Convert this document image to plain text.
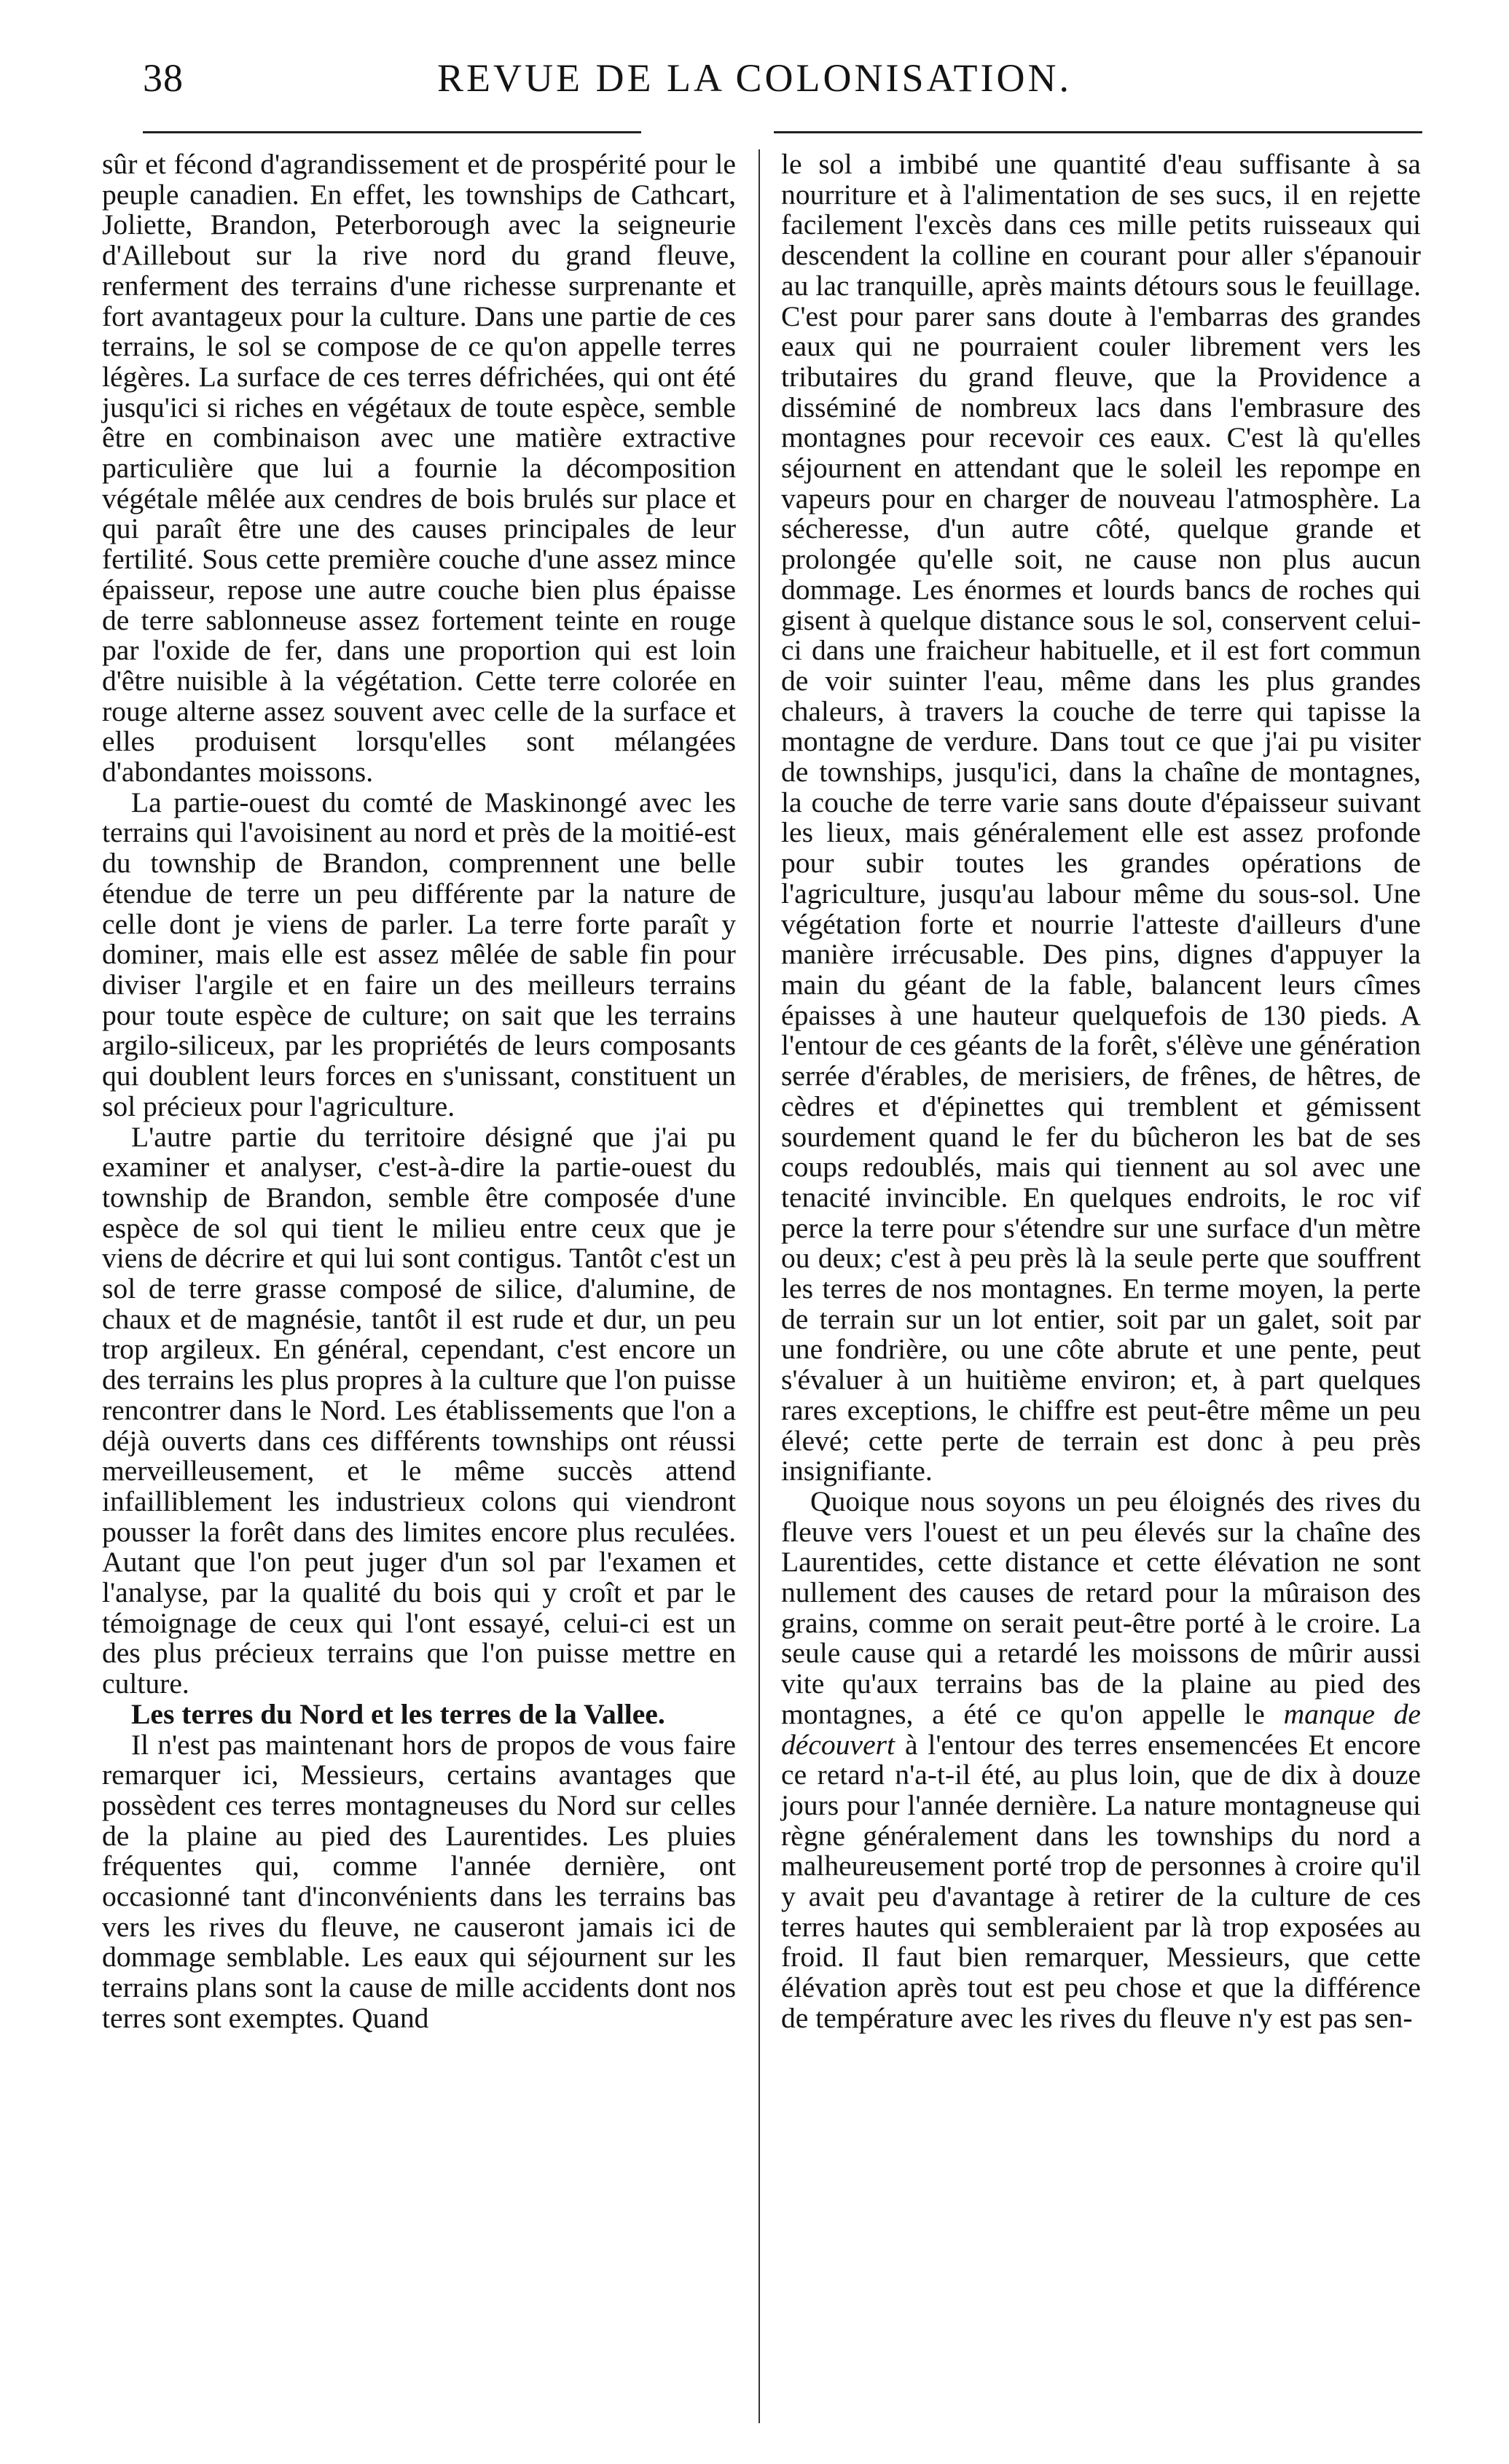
REVUE DE LA COLONISATION.
38

sûr et fécond d'agrandissement et de prospérité pour le peuple canadien. En effet, les townships de Cathcart, Joliette, Brandon, Peterborough avec la seigneurie d'Aillebout sur la rive nord du grand fleuve, renferment des terrains d'une richesse surprenante et fort avantageux pour la culture. Dans une partie de ces terrains, le sol se compose de ce qu'on appelle terres légères. La surface de ces terres défrichées, qui ont été jusqu'ici si riches en végétaux de toute espèce, semble être en combinaison avec une matière extractive particulière que lui a fournie la décomposition végétale mêlée aux cendres de bois brulés sur place et qui paraît être une des causes principales de leur fertilité. Sous cette première couche d'une assez mince épaisseur, repose une autre couche bien plus épaisse de terre sablonneuse assez fortement teinte en rouge par l'oxide de fer, dans une proportion qui est loin d'être nuisible à la végétation. Cette terre colorée en rouge alterne assez souvent avec celle de la surface et elles produisent lorsqu'elles sont mélangées d'abondantes moissons.

La partie-ouest du comté de Maskinongé avec les terrains qui l'avoisinent au nord et près de la moitié-est du township de Brandon, comprennent une belle étendue de terre un peu différente par la nature de celle dont je viens de parler. La terre forte paraît y dominer, mais elle est assez mêlée de sable fin pour diviser l'argile et en faire un des meilleurs terrains pour toute espèce de culture; on sait que les terrains argilo-siliceux, par les propriétés de leurs composants qui doublent leurs forces en s'unissant, constituent un sol précieux pour l'agriculture.

L'autre partie du territoire désigné que j'ai pu examiner et analyser, c'est-à-dire la partie-ouest du township de Brandon, semble être composée d'une espèce de sol qui tient le milieu entre ceux que je viens de décrire et qui lui sont contigus. Tantôt c'est un sol de terre grasse composé de silice, d'alumine, de chaux et de magnésie, tantôt il est rude et dur, un peu trop argileux. En général, cependant, c'est encore un des terrains les plus propres à la culture que l'on puisse rencontrer dans le Nord. Les établissements que l'on a déjà ouverts dans ces différents townships ont réussi merveilleusement, et le même succès attend infailliblement les industrieux colons qui viendront pousser la forêt dans des limites encore plus reculées. Autant que l'on peut juger d'un sol par l'examen et l'analyse, par la qualité du bois qui y croît et par le témoignage de ceux qui l'ont essayé, celui-ci est un des plus précieux terrains que l'on puisse mettre en culture.

Les terres du Nord et les terres de la Vallee.

Il n'est pas maintenant hors de propos de vous faire remarquer ici, Messieurs, certains avantages que possèdent ces terres montagneuses du Nord sur celles de la plaine au pied des Laurentides. Les pluies fréquentes qui, comme l'année dernière, ont occasionné tant d'inconvénients dans les terrains bas vers les rives du fleuve, ne causeront jamais ici de dommage semblable. Les eaux qui séjournent sur les terrains plans sont la cause de mille accidents dont nos terres sont exemptes. Quand

le sol a imbibé une quantité d'eau suffisante à sa nourriture et à l'alimentation de ses sucs, il en rejette facilement l'excès dans ces mille petits ruisseaux qui descendent la colline en courant pour aller s'épanouir au lac tranquille, après maints détours sous le feuillage. C'est pour parer sans doute à l'embarras des grandes eaux qui ne pourraient couler librement vers les tributaires du grand fleuve, que la Providence a disséminé de nombreux lacs dans l'embrasure des montagnes pour recevoir ces eaux. C'est là qu'elles séjournent en attendant que le soleil les repompe en vapeurs pour en charger de nouveau l'atmosphère. La sécheresse, d'un autre côté, quelque grande et prolongée qu'elle soit, ne cause non plus aucun dommage. Les énormes et lourds bancs de roches qui gisent à quelque distance sous le sol, conservent celui-ci dans une fraicheur habituelle, et il est fort commun de voir suinter l'eau, même dans les plus grandes chaleurs, à travers la couche de terre qui tapisse la montagne de verdure. Dans tout ce que j'ai pu visiter de townships, jusqu'ici, dans la chaîne de montagnes, la couche de terre varie sans doute d'épaisseur suivant les lieux, mais généralement elle est assez profonde pour subir toutes les grandes opérations de l'agriculture, jusqu'au labour même du sous-sol. Une végétation forte et nourrie l'atteste d'ailleurs d'une manière irrécusable. Des pins, dignes d'appuyer la main du géant de la fable, balancent leurs cîmes épaisses à une hauteur quelquefois de 130 pieds. A l'entour de ces géants de la forêt, s'élève une génération serrée d'érables, de merisiers, de frênes, de hêtres, de cèdres et d'épinettes qui tremblent et gémissent sourdement quand le fer du bûcheron les bat de ses coups redoublés, mais qui tiennent au sol avec une tenacité invincible. En quelques endroits, le roc vif perce la terre pour s'étendre sur une surface d'un mètre ou deux; c'est à peu près là la seule perte que souffrent les terres de nos montagnes. En terme moyen, la perte de terrain sur un lot entier, soit par un galet, soit par une fondrière, ou une côte abrute et une pente, peut s'évaluer à un huitième environ; et, à part quelques rares exceptions, le chiffre est peut-être même un peu élevé; cette perte de terrain est donc à peu près insignifiante.

Quoique nous soyons un peu éloignés des rives du fleuve vers l'ouest et un peu élevés sur la chaîne des Laurentides, cette distance et cette élévation ne sont nullement des causes de retard pour la mûraison des grains, comme on serait peut-être porté à le croire. La seule cause qui a retardé les moissons de mûrir aussi vite qu'aux terrains bas de la plaine au pied des montagnes, a été ce qu'on appelle le manque de découvert à l'entour des terres ensemencées Et encore ce retard n'a-t-il été, au plus loin, que de dix à douze jours pour l'année dernière. La nature montagneuse qui règne généralement dans les townships du nord a malheureusement porté trop de personnes à croire qu'il y avait peu d'avantage à retirer de la culture de ces terres hautes qui sembleraient par là trop exposées au froid. Il faut bien remarquer, Messieurs, que cette élévation après tout est peu chose et que la différence de température avec les rives du fleuve n'y est pas sen-
